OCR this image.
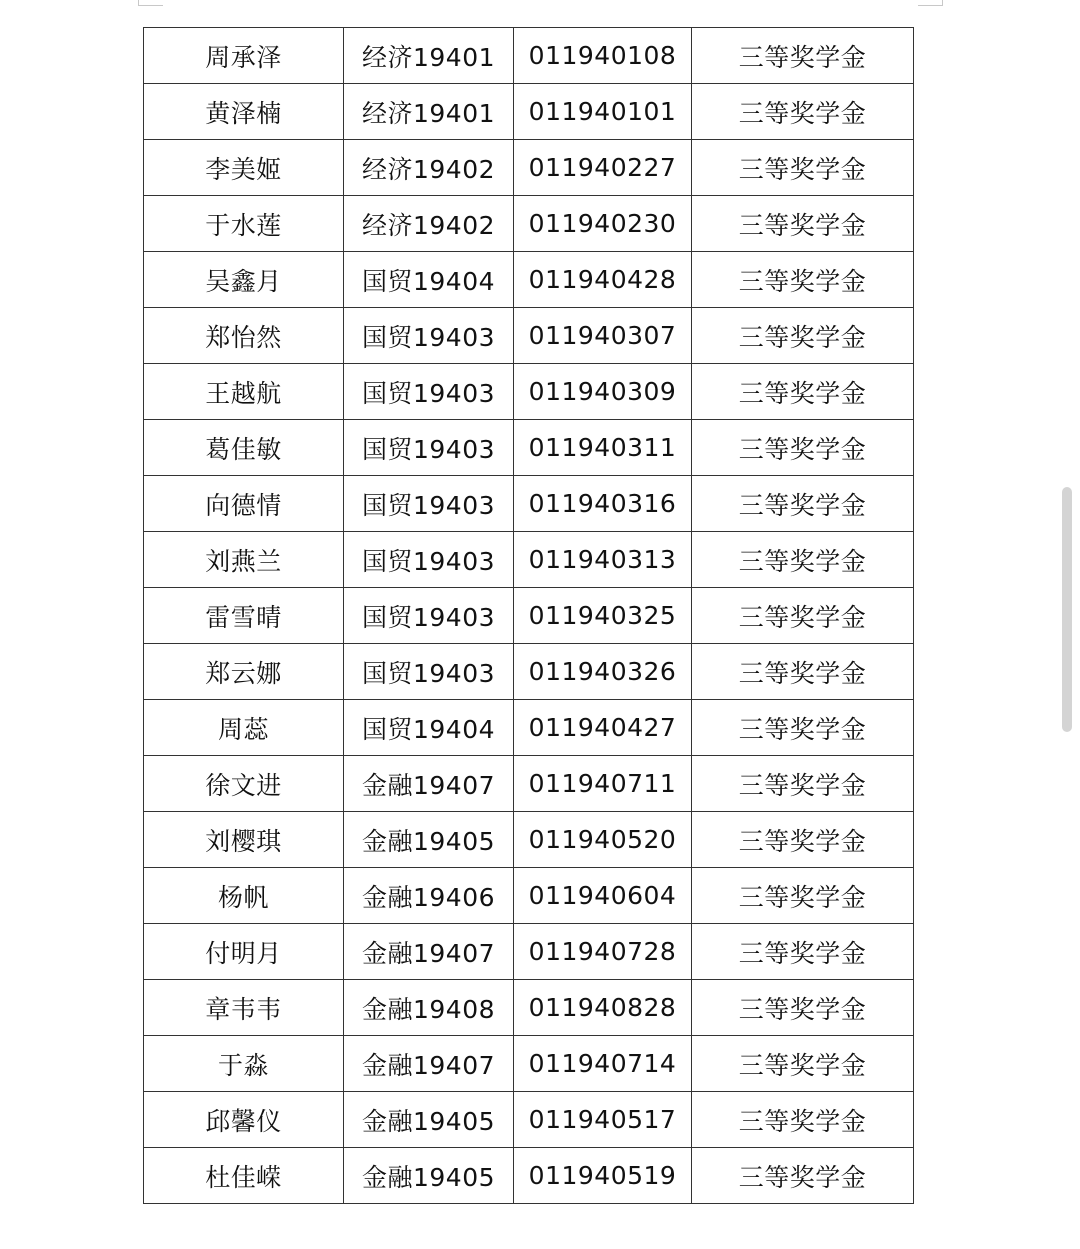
周承泽	经济19401	011940108	三等奖学金
黄泽楠	经济19401	011940101	三等奖学金
李美姬	经济19402	011940227	三等奖学金
于水莲	经济19402	011940230	三等奖学金
吴鑫月	国贸19404	011940428	三等奖学金
郑怡然	国贸19403	011940307	三等奖学金
王越航	国贸19403	011940309	三等奖学金
葛佳敏	国贸19403	011940311	三等奖学金
向德情	国贸19403	011940316	三等奖学金
刘燕兰	国贸19403	011940313	三等奖学金
雷雪晴	国贸19403	011940325	三等奖学金
郑云娜	国贸19403	011940326	三等奖学金
周蕊	国贸19404	011940427	三等奖学金
徐文进	金融19407	011940711	三等奖学金
刘樱琪	金融19405	011940520	三等奖学金
杨帆	金融19406	011940604	三等奖学金
付明月	金融19407	011940728	三等奖学金
章韦韦	金融19408	011940828	三等奖学金
于淼	金融19407	011940714	三等奖学金
邱馨仪	金融19405	011940517	三等奖学金
杜佳嵘	金融19405	011940519	三等奖学金
